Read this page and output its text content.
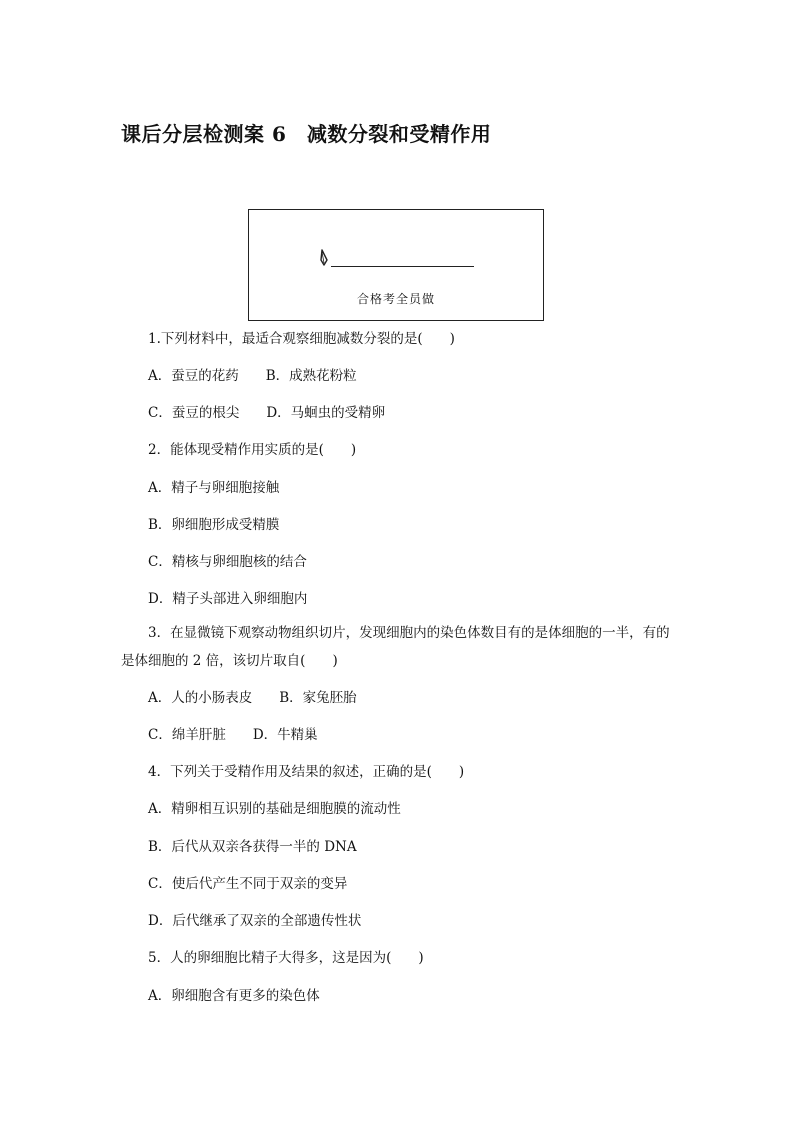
课后分层检测案 6　减数分裂和受精作用
合格考全员做
1.下列材料中，最适合观察细胞减数分裂的是(　　)
A．蚕豆的花药　　B．成熟花粉粒
C．蚕豆的根尖　　D．马蛔虫的受精卵
2．能体现受精作用实质的是(　　)
A．精子与卵细胞接触
B．卵细胞形成受精膜
C．精核与卵细胞核的结合
D．精子头部进入卵细胞内
3．在显微镜下观察动物组织切片，发现细胞内的染色体数目有的是体细胞的一半，有的是体细胞的 2 倍，该切片取自(　　)
A．人的小肠表皮　　B．家兔胚胎
C．绵羊肝脏　　D．牛精巢
4．下列关于受精作用及结果的叙述，正确的是(　　)
A．精卵相互识别的基础是细胞膜的流动性
B．后代从双亲各获得一半的 DNA
C．使后代产生不同于双亲的变异
D．后代继承了双亲的全部遗传性状
5．人的卵细胞比精子大得多，这是因为(　　)
A．卵细胞含有更多的染色体
